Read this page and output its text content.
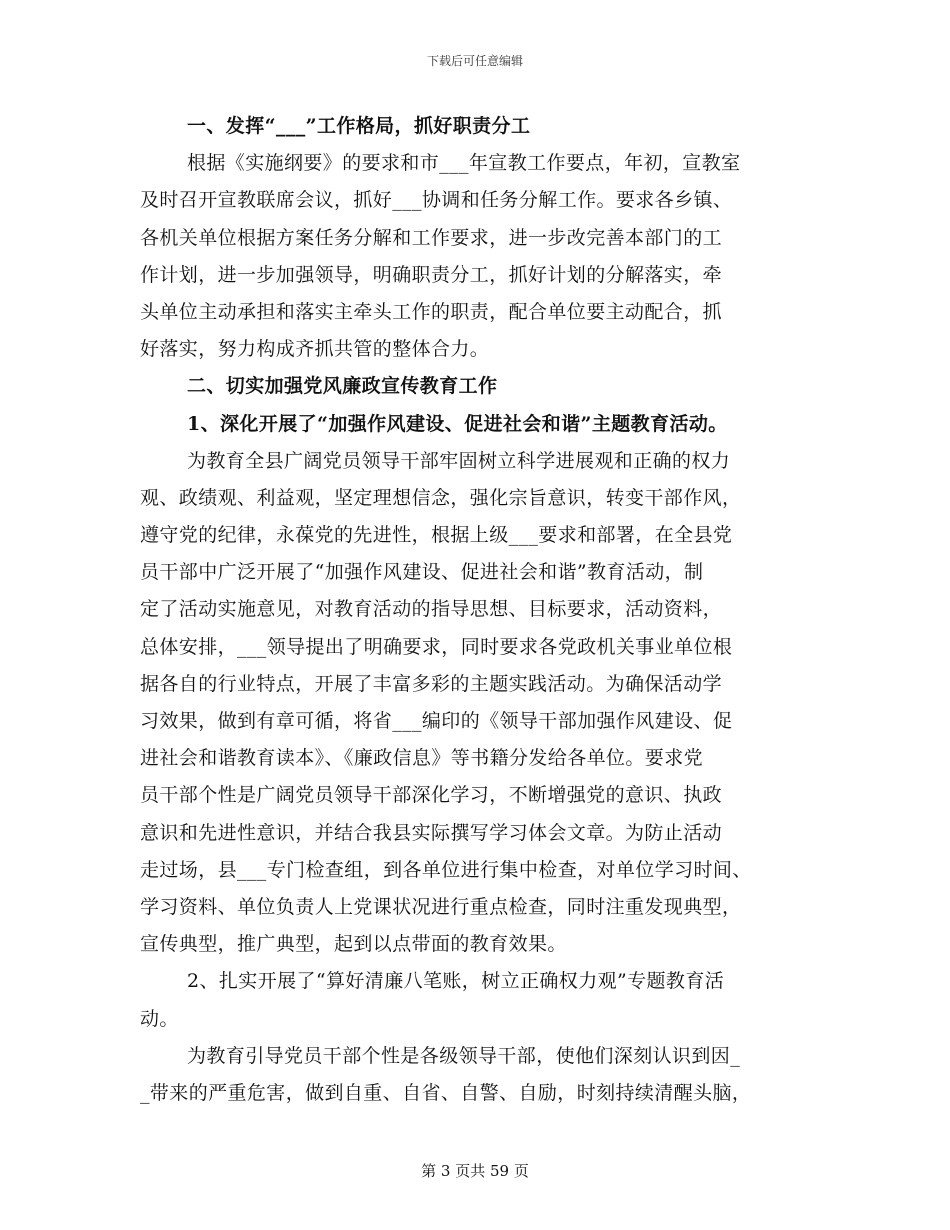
下载后可任意编辑
一、发挥“___”工作格局，抓好职责分工
根据《实施纲要》的要求和市___年宣教工作要点，年初，宣教室
及时召开宣教联席会议，抓好___协调和任务分解工作。要求各乡镇、
各机关单位根据方案任务分解和工作要求，进一步改完善本部门的工
作计划，进一步加强领导，明确职责分工，抓好计划的分解落实，牵
头单位主动承担和落实主牵头工作的职责，配合单位要主动配合，抓
好落实，努力构成齐抓共管的整体合力。
二、切实加强党风廉政宣传教育工作
1、深化开展了“加强作风建设、促进社会和谐”主题教育活动。
为教育全县广阔党员领导干部牢固树立科学进展观和正确的权力
观、政绩观、利益观，坚定理想信念，强化宗旨意识，转变干部作风，
遵守党的纪律，永葆党的先进性，根据上级___要求和部署，在全县党
员干部中广泛开展了“加强作风建设、促进社会和谐”教育活动，制
定了活动实施意见，对教育活动的指导思想、目标要求，活动资料，
总体安排，___领导提出了明确要求，同时要求各党政机关事业单位根
据各自的行业特点，开展了丰富多彩的主题实践活动。为确保活动学
习效果，做到有章可循，将省___编印的《领导干部加强作风建设、促
进社会和谐教育读本》、《廉政信息》等书籍分发给各单位。要求党
员干部个性是广阔党员领导干部深化学习，不断增强党的意识、执政
意识和先进性意识，并结合我县实际撰写学习体会文章。为防止活动
走过场，县___专门检查组，到各单位进行集中检查，对单位学习时间、
学习资料、单位负责人上党课状况进行重点检查，同时注重发现典型，
宣传典型，推广典型，起到以点带面的教育效果。
2、扎实开展了“算好清廉八笔账，树立正确权力观”专题教育活
动。
为教育引导党员干部个性是各级领导干部，使他们深刻认识到因_
_带来的严重危害，做到自重、自省、自警、自励，时刻持续清醒头脑，
第 3 页共 59 页
